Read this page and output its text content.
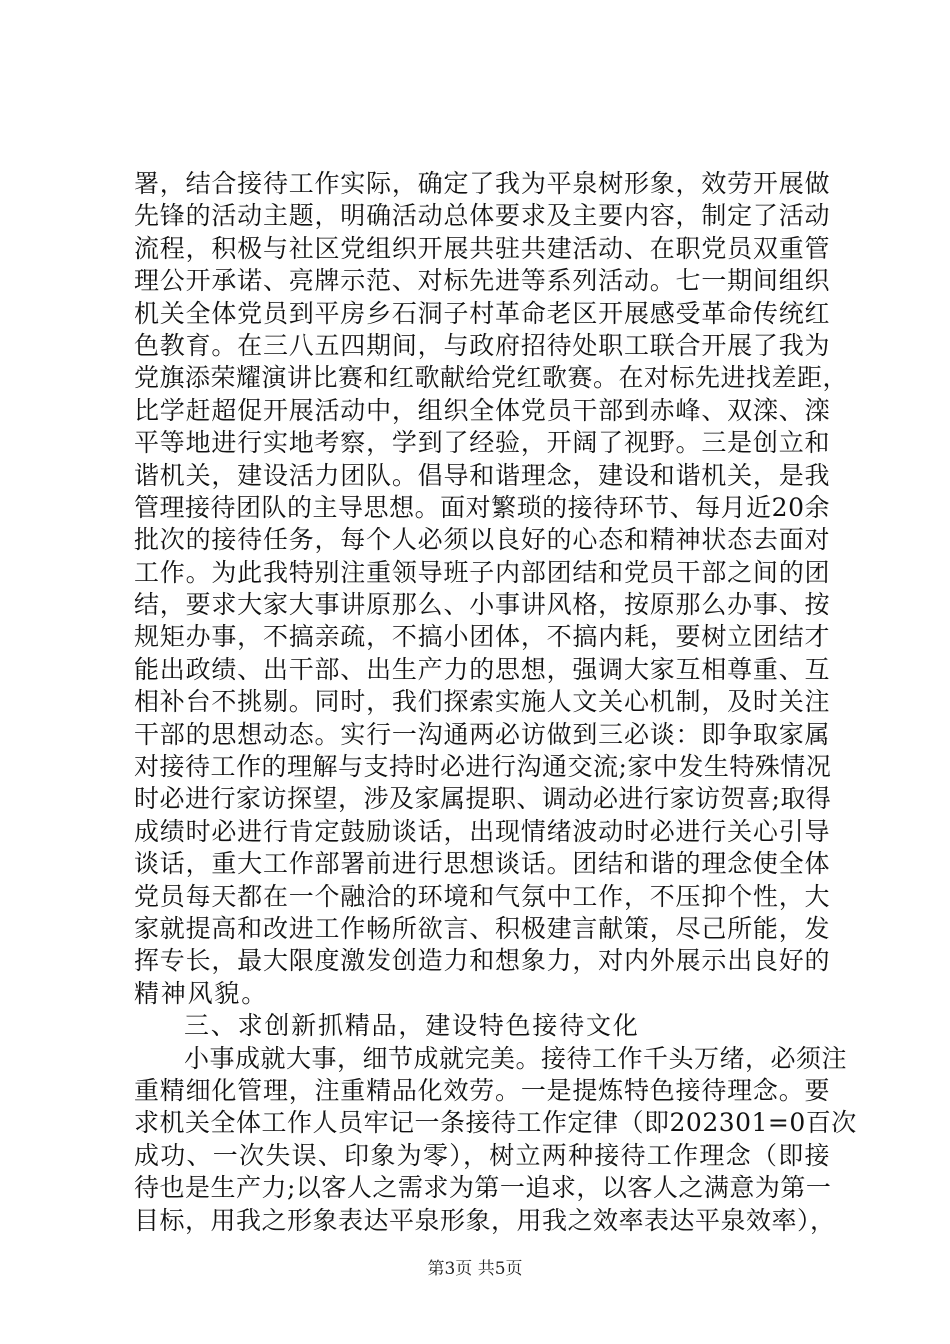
署，结合接待工作实际，确定了我为平泉树形象，效劳开展做
先锋的活动主题，明确活动总体要求及主要内容，制定了活动
流程，积极与社区党组织开展共驻共建活动、在职党员双重管
理公开承诺、亮牌示范、对标先进等系列活动。七一期间组织
机关全体党员到平房乡石洞子村革命老区开展感受革命传统红
色教育。在三八五四期间，与政府招待处职工联合开展了我为
党旗添荣耀演讲比赛和红歌献给党红歌赛。在对标先进找差距，
比学赶超促开展活动中，组织全体党员干部到赤峰、双滦、滦
平等地进行实地考察，学到了经验，开阔了视野。三是创立和
谐机关，建设活力团队。倡导和谐理念，建设和谐机关，是我
管理接待团队的主导思想。面对繁琐的接待环节、每月近20余
批次的接待任务，每个人必须以良好的心态和精神状态去面对
工作。为此我特别注重领导班子内部团结和党员干部之间的团
结，要求大家大事讲原那么、小事讲风格，按原那么办事、按
规矩办事，不搞亲疏，不搞小团体，不搞内耗，要树立团结才
能出政绩、出干部、出生产力的思想，强调大家互相尊重、互
相补台不挑剔。同时，我们探索实施人文关心机制，及时关注
干部的思想动态。实行一沟通两必访做到三必谈：即争取家属
对接待工作的理解与支持时必进行沟通交流;家中发生特殊情况
时必进行家访探望，涉及家属提职、调动必进行家访贺喜;取得
成绩时必进行肯定鼓励谈话，出现情绪波动时必进行关心引导
谈话，重大工作部署前进行思想谈话。团结和谐的理念使全体
党员每天都在一个融洽的环境和气氛中工作，不压抑个性，大
家就提高和改进工作畅所欲言、积极建言献策，尽己所能，发
挥专长，最大限度激发创造力和想象力，对内外展示出良好的
精神风貌。
三、求创新抓精品，建设特色接待文化
小事成就大事，细节成就完美。接待工作千头万绪，必须注
重精细化管理，注重精品化效劳。一是提炼特色接待理念。要
求机关全体工作人员牢记一条接待工作定律（即202301=0百次
成功、一次失误、印象为零），树立两种接待工作理念（即接
待也是生产力;以客人之需求为第一追求，以客人之满意为第一
目标，用我之形象表达平泉形象，用我之效率表达平泉效率），
第3页 共5页
